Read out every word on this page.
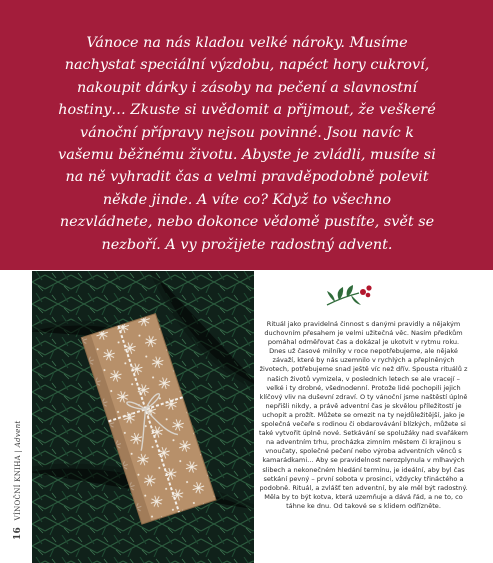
Vánoce na nás kladou velké nároky. Musíme nachystat speciální výzdobu, napéct hory cukroví, nakoupit dárky i zásoby na pečení a slavnostní hostiny… Zkuste si uvědomit a přijmout, že veškeré vánoční přípravy nejsou povinné. Jsou navíc k vašemu běžnému životu. Abyste je zvládli, musíte si na ně vyhradit čas a velmi pravděpodobně polevit někde jinde. A víte co? Když to všechno nezvládnete, nebo dokonce vědomě pustíte, svět se nezboří. A vy prožijete radostný advent.

16 VÍNOČNÍ KNIHA | Advent

Rituál jako pravidelná činnost s danými pravidly a nějakým duchovním přesahem je velmi užitečná věc. Nasím předkům pomáhal odměřovat čas a dokázal je ukotvit v rytmu roku. Dnes už časové milníky v roce nepotřebujeme, ale nějaké závaží, které by nás uzemnilo v rychlých a přeplněných životech, potřebujeme snad ještě víc než dřív. Spousta rituálů z našich životů vymizela, v posledních letech se ale vracejí – velké i ty drobné, všednodenní. Protože lidé pochopili jejich klíčový vliv na duševní zdraví. O ty vánoční jsme naštěstí úplně nepřišli nikdy, a právě adventní čas je skvělou příležitostí je uchopit a prožít. Můžete se omezit na ty nejdůležitější, jako je společná večeře s rodinou či obdarovávání blízkých, můžete si také vytvořit úplně nové. Setkávání se spolužáky nad svařákem na adventním trhu, procházka zimním městem či krajinou s vnoučaty, společné pečení nebo výroba adventních věnců s kamarádkami… Aby se pravidelnost nerozplynula v mlhavých slibech a nekonečném hledání termínu, je ideální, aby byl čas setkání pevný – první sobota v prosinci, vždycky třináctého a podobně. Rituál, a zvlášť ten adventní, by ale měl být radostný. Měla by to být kotva, která uzemňuje a dává řád, a ne to, co táhne ke dnu. Od takové se s klidem odřízněte.
